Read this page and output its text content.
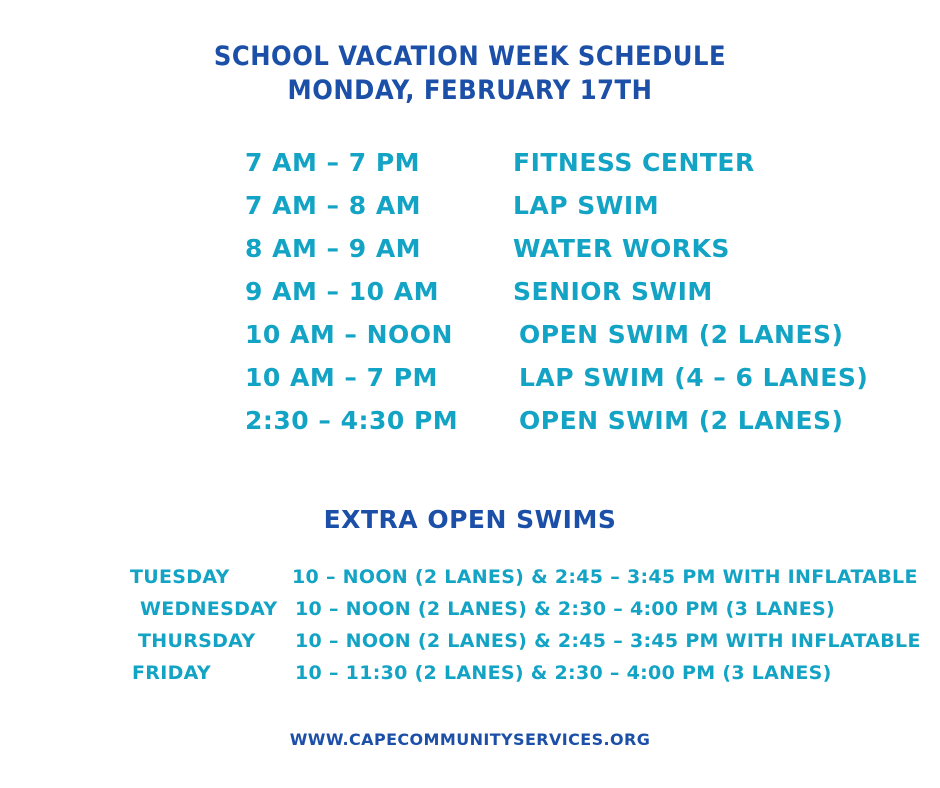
SCHOOL VACATION WEEK SCHEDULE
MONDAY, FEBRUARY 17TH
7 AM – 7 PM	FITNESS CENTER
7 AM – 8 AM	LAP SWIM
8 AM – 9 AM	WATER WORKS
9 AM – 10 AM	SENIOR SWIM
10 AM – NOON	OPEN SWIM (2 LANES)
10 AM – 7 PM	LAP SWIM (4 – 6 LANES)
2:30 – 4:30 PM	OPEN SWIM (2 LANES)
EXTRA OPEN SWIMS
TUESDAY	10 – NOON (2 LANES) & 2:45 – 3:45 PM WITH INFLATABLE
WEDNESDAY 10 – NOON (2 LANES) & 2:30 – 4:00 PM (3 LANES)
THURSDAY	10 – NOON (2 LANES) & 2:45 – 3:45 PM WITH INFLATABLE
FRIDAY	10 – 11:30 (2 LANES) & 2:30 – 4:00 PM (3 LANES)
WWW.CAPECOMMUNITYSERVICES.ORG
